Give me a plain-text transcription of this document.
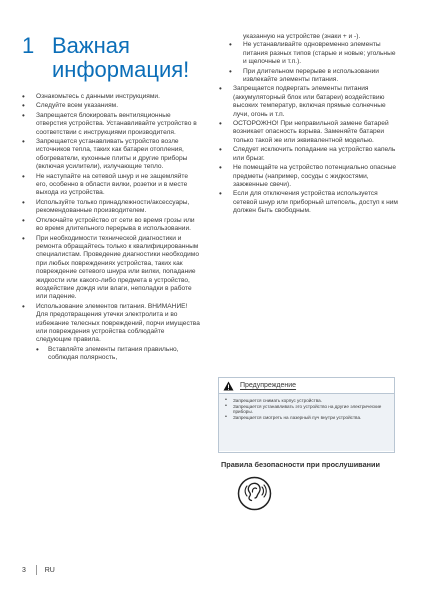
1 Важная информация!
• Ознакомьтесь с данными инструкциями.
• Следуйте всем указаниям.
• Запрещается блокировать вентиляционные отверстия устройства. Устанавливайте устройство в соответствии с инструкциями производителя.
• Запрещается устанавливать устройство возле источников тепла, таких как батареи отопления, обогреватели, кухонные плиты и другие приборы (включая усилители), излучающие тепло.
• Не наступайте на сетевой шнур и не защемляйте его, особенно в области вилки, розетки и в месте выхода из устройства.
• Используйте только принадлежности/аксессуары, рекомендованные производителем.
• Отключайте устройство от сети во время грозы или во время длительного перерыва в использовании.
• При необходимости технической диагностики и ремонта обращайтесь только к квалифицированным специалистам. Проведение диагностики необходимо при любых повреждениях устройства, таких как повреждение сетевого шнура или вилки, попадание жидкости или какого-либо предмета в устройство, воздействие дождя или влаги, неполадки в работе или падение.
• Использование элементов питания. ВНИМАНИЕ! Для предотвращения утечки электролита и во избежание телесных повреждений, порчи имущества или повреждения устройства соблюдайте следующие правила.
• Вставляйте элементы питания правильно, соблюдая полярность,
указанную на устройстве (знаки + и -).
• Не устанавливайте одновременно элементы питания разных типов (старые и новые; угольные и щелочные и т.п.).
• При длительном перерыве в использовании извлекайте элементы питания.
• Запрещается подвергать элементы питания (аккумуляторный блок или батареи) воздействию высоких температур, включая прямые солнечные лучи, огонь и т.п.
• ОСТОРОЖНО! При неправильной замене батарей возникает опасность взрыва. Заменяйте батареи только такой же или эквивалентной моделью.
• Следует исключить попадание на устройство капель или брызг.
• Не помещайте на устройство потенциально опасные предметы (например, сосуды с жидкостями, зажженные свечи).
• Если для отключения устройства используется сетевой шнур или приборный штепсель, доступ к ним должен быть свободным.
Предупреждение
• Запрещается снимать корпус устройства.
• Запрещается устанавливать это устройство на другие электрические приборы.
• Запрещается смотреть на лазерный луч внутри устройства.
Правила безопасности при прослушивании
3	RU
